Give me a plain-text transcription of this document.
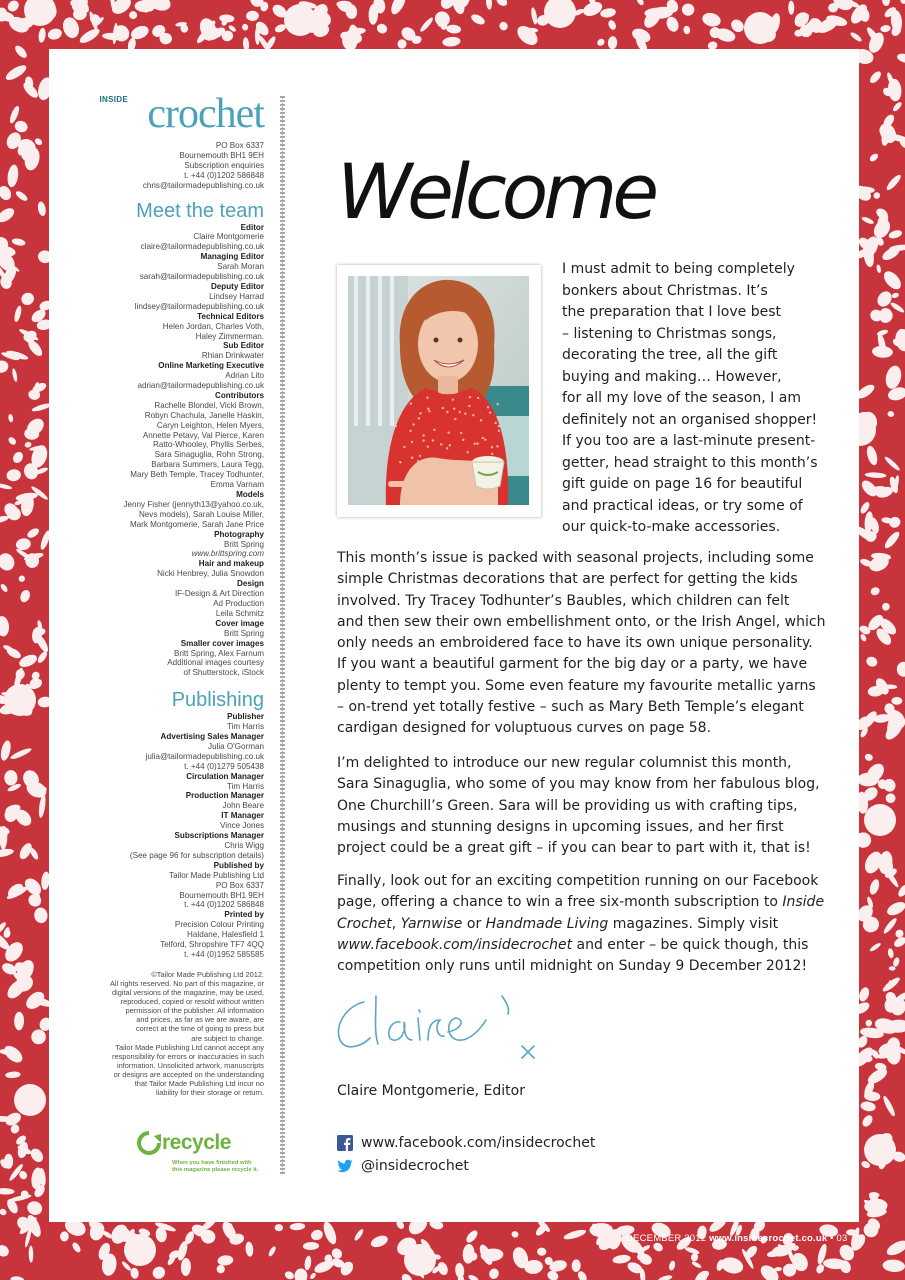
INSIDE crochet
PO Box 6337
Bournemouth BH1 9EH
Subscription enquiries
t. +44 (0)1202 586848
chris@tailormadepublishing.co.uk
Meet the team
Editor
Claire Montgomerie
claire@tailormadepublishing.co.uk
Managing Editor
Sarah Moran
sarah@tailormadepublishing.co.uk
Deputy Editor
Lindsey Harrad
lindsey@tailormadepublishing.co.uk
Technical Editors
Helen Jordan, Charles Voth,
Haley Zimmerman.
Sub Editor
Rhian Drinkwater
Online Marketing Executive
Adrian Lito
adrian@tailormadepublishing.co.uk
Contributors
Rachelle Blondel, Vicki Brown,
Robyn Chachula, Janelle Haskin,
Caryn Leighton, Helen Myers,
Annette Petavy, Val Pierce, Karen
Ratto-Whooley, Phyllis Serbes,
Sara Sinaguglia, Rohn Strong,
Barbara Summers, Laura Tegg,
Mary Beth Temple, Tracey Todhunter,
Emma Varnam
Models
Jenny Fisher (jennyth13@yahoo.co.uk,
Nevs models), Sarah Louise Miller,
Mark Montgomerie, Sarah Jane Price
Photography
Britt Spring
www.brittspring.com
Hair and makeup
Nicki Henbrey, Julia Snowdon
Design
IF-Design & Art Direction
Ad Production
Leila Schmitz
Cover image
Britt Spring
Smaller cover images
Britt Spring, Alex Farnum
Additional images courtesy
of Shutterstock, iStock
Publishing
Publisher
Tim Harris
Advertising Sales Manager
Julia O'Gorman
julia@tailormadepublishing.co.uk
t. +44 (0)1279 505438
Circulation Manager
Tim Harris
Production Manager
John Beare
IT Manager
Vince Jones
Subscriptions Manager
Chris Wigg
(See page 96 for subscription details)
Published by
Tailor Made Publishing Ltd
PO Box 6337
Bournemouth BH1 9EH
t. +44 (0)1202 586848
Printed by
Precision Colour Printing
Haldane, Halesfield 1
Telford, Shropshire TF7 4QQ
t. +44 (0)1952 585585
©Tailor Made Publishing Ltd 2012.
All rights reserved. No part of this magazine, or
digital versions of the magazine, may be used,
reproduced, copied or resold without written
permission of the publisher. All information
and prices, as far as we are aware, are
correct at the time of going to press but
are subject to change.
Tailor Made Publishing Ltd cannot accept any
responsibility for errors or inaccuracies in such
information. Unsolicited artwork, manuscripts
or designs are accepted on the understanding
that Tailor Made Publishing Ltd incur no
liability for their storage or return.
recycle
When you have finished with
this magazine please recycle it.
Welcome
I must admit to being completely
bonkers about Christmas. It’s
the preparation that I love best
– listening to Christmas songs,
decorating the tree, all the gift
buying and making… However,
for all my love of the season, I am
definitely not an organised shopper!
If you too are a last-minute present-
getter, head straight to this month’s
gift guide on page 16 for beautiful
and practical ideas, or try some of
our quick-to-make accessories.
This month’s issue is packed with seasonal projects, including some
simple Christmas decorations that are perfect for getting the kids
involved. Try Tracey Todhunter’s Baubles, which children can felt
and then sew their own embellishment onto, or the Irish Angel, which
only needs an embroidered face to have its own unique personality.
If you want a beautiful garment for the big day or a party, we have
plenty to tempt you. Some even feature my favourite metallic yarns
– on-trend yet totally festive – such as Mary Beth Temple’s elegant
cardigan designed for voluptuous curves on page 58.
I’m delighted to introduce our new regular columnist this month,
Sara Sinaguglia, who some of you may know from her fabulous blog,
One Churchill’s Green. Sara will be providing us with crafting tips,
musings and stunning designs in upcoming issues, and her first
project could be a great gift – if you can bear to part with it, that is!
Finally, look out for an exciting competition running on our Facebook
page, offering a chance to win a free six-month subscription to Inside
Crochet, Yarnwise or Handmade Living magazines. Simply visit
www.facebook.com/insidecrochet and enter – be quick though, this
competition only runs until midnight on Sunday 9 December 2012!
Claire Montgomerie, Editor
www.facebook.com/insidecrochet
@insidecrochet
DECEMBER 2012 www.insidecrochet.co.uk • 03
